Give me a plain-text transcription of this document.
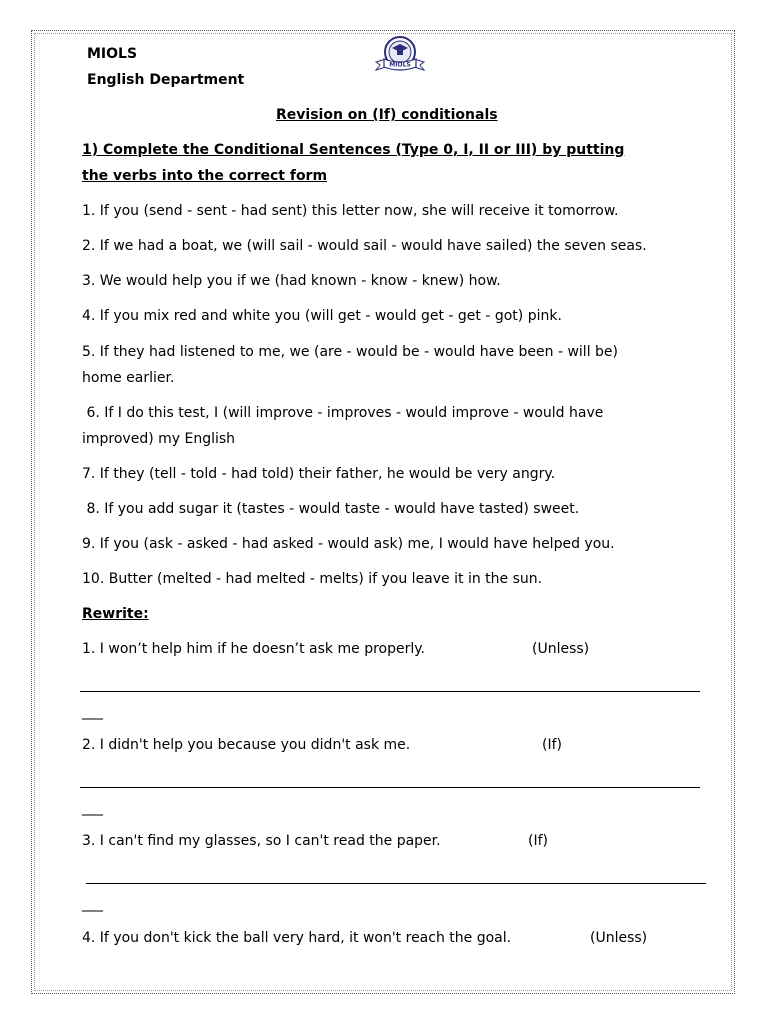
MIOLS
English Department
MIOLS
Revision on (If) conditionals
1) Complete the Conditional Sentences (Type 0, I, II or III) by putting
the verbs into the correct form
1. If you (send - sent - had sent) this letter now, she will receive it tomorrow.
2. If we had a boat, we (will sail - would sail - would have sailed) the seven seas.
3. We would help you if we (had known - know - knew) how.
4. If you mix red and white you (will get - would get - get - got) pink.
5. If they had listened to me, we (are - would be - would have been - will be)
home earlier.
6. If I do this test, I (will improve - improves - would improve - would have
improved) my English
7. If they (tell - told - had told) their father, he would be very angry.
8. If you add sugar it (tastes - would taste - would have tasted) sweet.
9. If you (ask - asked - had asked - would ask) me, I would have helped you.
10. Butter (melted - had melted - melts) if you leave it in the sun.
Rewrite:
1. I won’t help him if he doesn’t ask me properly.	(Unless)
___
2. I didn't help you because you didn't ask me.	(If)
___
3. I can't find my glasses, so I can't read the paper.	(If)
___
4. If you don't kick the ball very hard, it won't reach the goal.	(Unless)
